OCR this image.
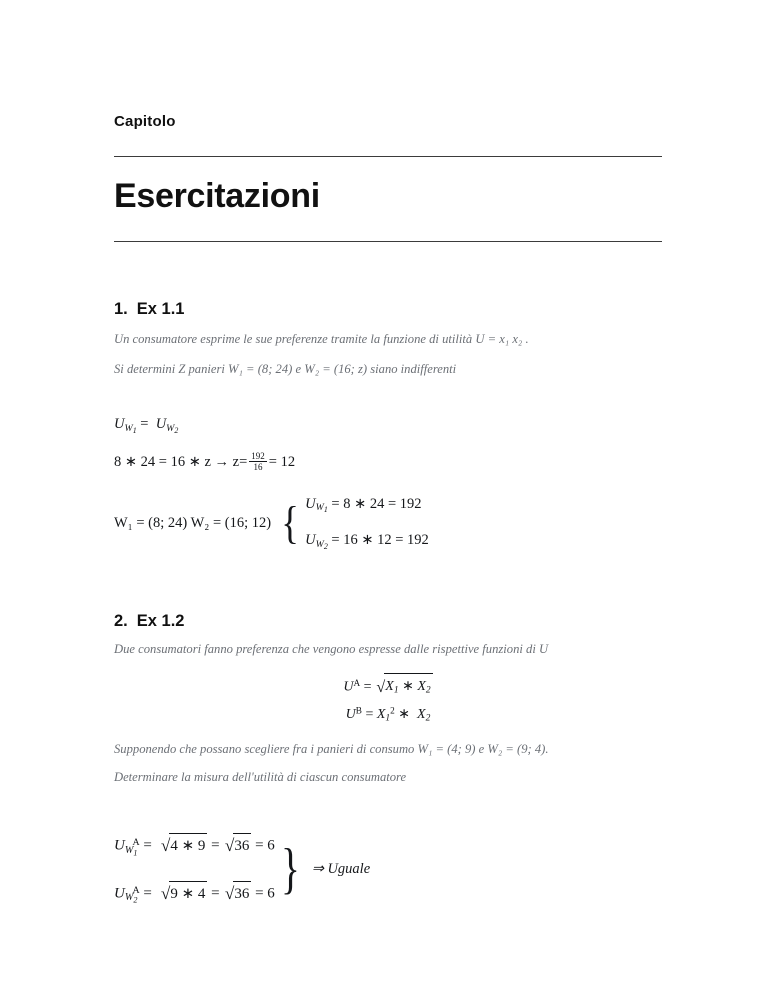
Capitolo
Esercitazioni
1. Ex 1.1
Un consumatore esprime le sue preferenze tramite la funzione di utilità U = x₁ x₂ .
Si determini Z panieri W₁ = (8; 24) e W₂ = (16; z) siano indifferenti
$U_{W_1} = U_{W_2}$
8 ∗ 24 = 16 ∗ $z \to z= \frac{192}{16} = 12$
W₁ = (8; 24) W₂ = (16; 12) { $U_{W_1} = 8$ ∗ 24 = 192
$U_{W_2} = 16$ ∗ 12 = 192
2. Ex 1.2
Due consumatori fanno preferenza che vengono espresse dalle rispettive funzioni di U
$U^A = √X_1$ ∗ $X_2$
$U^B = X_1^2$ ∗  $X_2$
Supponendo che possano scegliere fra i panieri di consumo W₁ = (4; 9) e W₂ = (9; 4).
Determinare la misura dell'utilità di ciascun consumatore
$U_{W_1}^A = √4$ ∗ 9 = √36 = 6
$U_{W_2}^A = √9$ ∗ 4 = √36 = 6 } ⇒ Uguale
